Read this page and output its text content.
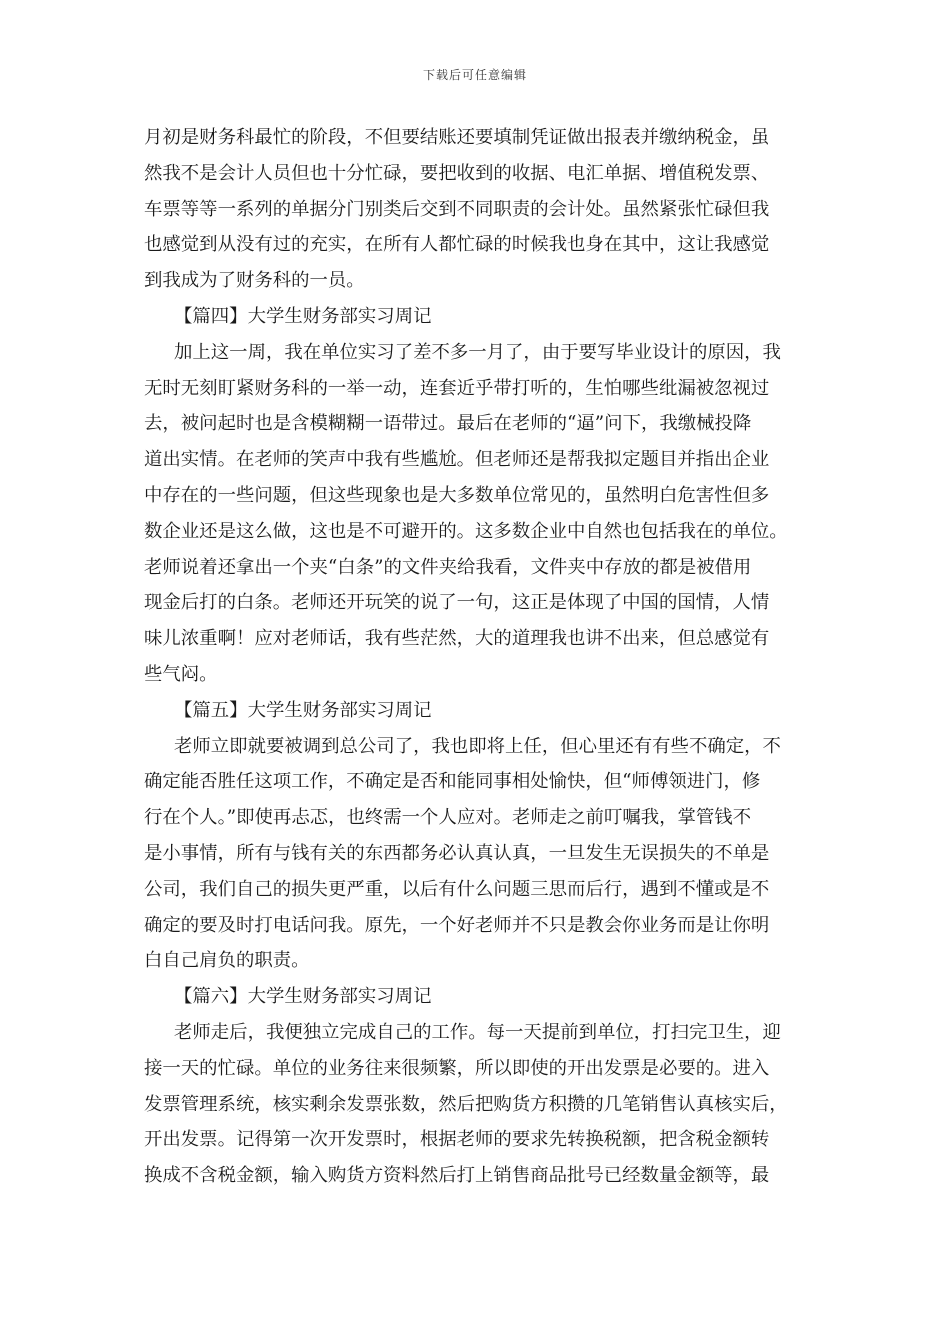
下载后可任意编辑
月初是财务科最忙的阶段，不但要结账还要填制凭证做出报表并缴纳税金，虽
然我不是会计人员但也十分忙碌，要把收到的收据、电汇单据、增值税发票、
车票等等一系列的单据分门别类后交到不同职责的会计处。虽然紧张忙碌但我
也感觉到从没有过的充实，在所有人都忙碌的时候我也身在其中，这让我感觉
到我成为了财务科的一员。
【篇四】大学生财务部实习周记
加上这一周，我在单位实习了差不多一月了，由于要写毕业设计的原因，我
无时无刻盯紧财务科的一举一动，连套近乎带打听的，生怕哪些纰漏被忽视过
去，被问起时也是含模糊糊一语带过。最后在老师的“逼”问下，我缴械投降
道出实情。在老师的笑声中我有些尴尬。但老师还是帮我拟定题目并指出企业
中存在的一些问题，但这些现象也是大多数单位常见的，虽然明白危害性但多
数企业还是这么做，这也是不可避开的。这多数企业中自然也包括我在的单位。
老师说着还拿出一个夹“白条”的文件夹给我看，文件夹中存放的都是被借用
现金后打的白条。老师还开玩笑的说了一句，这正是体现了中国的国情，人情
味儿浓重啊！应对老师话，我有些茫然，大的道理我也讲不出来，但总感觉有
些气闷。
【篇五】大学生财务部实习周记
老师立即就要被调到总公司了，我也即将上任，但心里还有有些不确定，不
确定能否胜任这项工作，不确定是否和能同事相处愉快，但“师傅领进门，修
行在个人。”即使再忐忑，也终需一个人应对。老师走之前叮嘱我，掌管钱不
是小事情，所有与钱有关的东西都务必认真认真，一旦发生无误损失的不单是
公司，我们自己的损失更严重，以后有什么问题三思而后行，遇到不懂或是不
确定的要及时打电话问我。原先，一个好老师并不只是教会你业务而是让你明
白自己肩负的职责。
【篇六】大学生财务部实习周记
老师走后，我便独立完成自己的工作。每一天提前到单位，打扫完卫生，迎
接一天的忙碌。单位的业务往来很频繁，所以即使的开出发票是必要的。进入
发票管理系统，核实剩余发票张数，然后把购货方积攒的几笔销售认真核实后，
开出发票。记得第一次开发票时，根据老师的要求先转换税额，把含税金额转
换成不含税金额，输入购货方资料然后打上销售商品批号已经数量金额等，最
